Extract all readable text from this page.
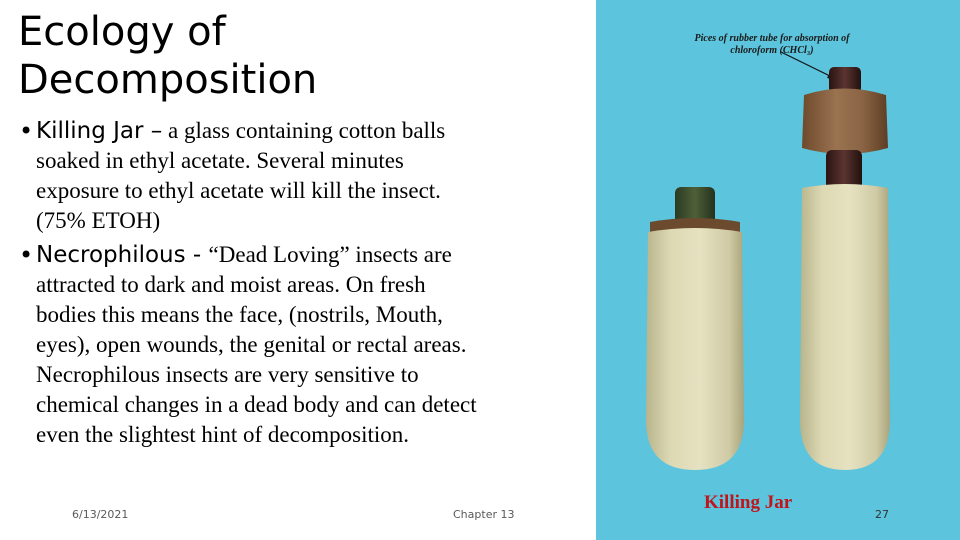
Ecology of
Decomposition
• Killing Jar – a glass containing cotton balls
soaked in ethyl acetate. Several minutes
exposure to ethyl acetate will kill the insect.
(75% ETOH)
• Necrophilous - “Dead Loving” insects are
attracted to dark and moist areas. On fresh
bodies this means the face, (nostrils, Mouth,
eyes), open wounds, the genital or rectal areas.
Necrophilous insects are very sensitive to
chemical changes in a dead body and can detect
even the slightest hint of decomposition.
Pices of rubber tube for absorption of chloroform (CHCl₃)
Killing Jar
6/13/2021	Chapter 13	27
